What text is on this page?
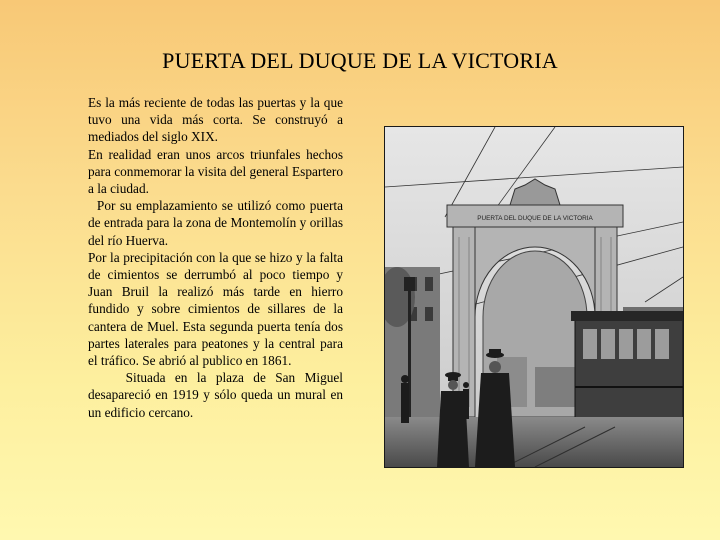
PUERTA DEL DUQUE DE LA VICTORIA

Es la más reciente de todas las puertas y la que tuvo una vida más corta. Se construyó a mediados del siglo XIX.

En realidad eran unos arcos triunfales hechos para conmemorar la visita del general Espartero a la ciudad.

Por su emplazamiento se utilizó como puerta de entrada para la zona de Montemolín y orillas del río Huerva.

Por la precipitación con la que se hizo y la falta de cimientos se derrumbó al poco tiempo y Juan Bruil la realizó más tarde en hierro fundido y sobre cimientos de sillares de la cantera de Muel. Esta segunda puerta tenía dos partes laterales para peatones y la central para el tráfico. Se abrió al publico en 1861.

Situada en la plaza de San Miguel desapareció en 1919 y sólo queda un mural en un edificio cercano.

PUERTA DEL DUQUE DE LA VICTORIA
